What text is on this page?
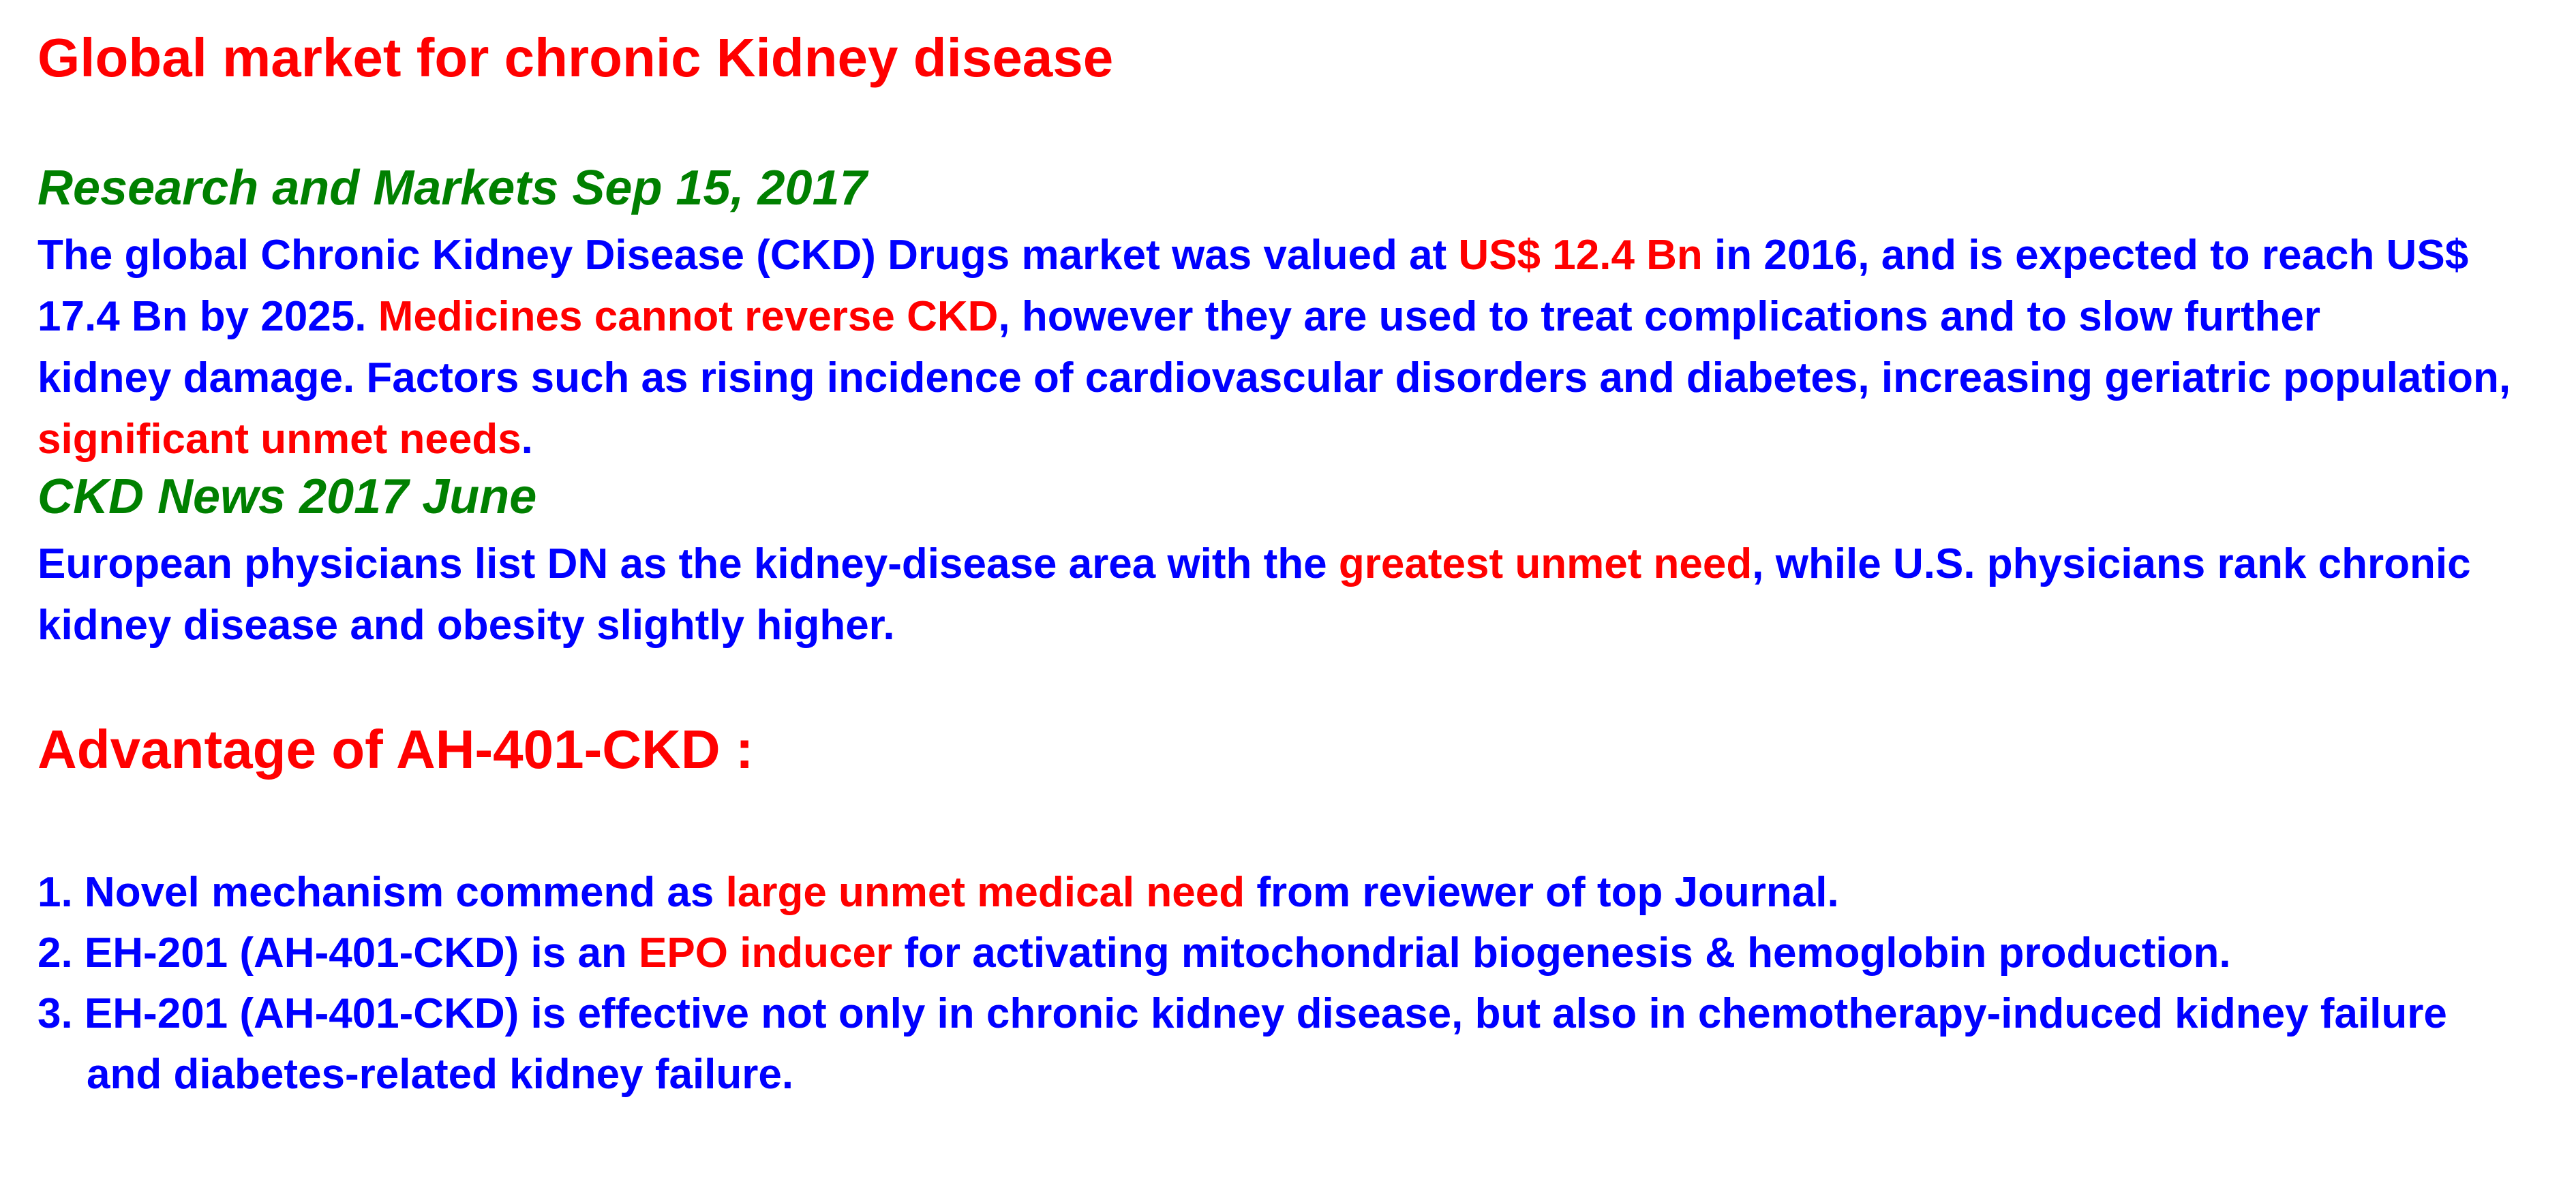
Global market for chronic Kidney disease
Research and Markets Sep 15, 2017
The global Chronic Kidney Disease (CKD) Drugs market was valued at US$ 12.4 Bn in 2016, and is expected to reach US$
17.4 Bn by 2025. Medicines cannot reverse CKD, however they are used to treat complications and to slow further
kidney damage. Factors such as rising incidence of cardiovascular disorders and diabetes, increasing geriatric population,
significant unmet needs.
CKD News 2017 June
European physicians list DN as the kidney-disease area with the greatest unmet need, while U.S. physicians rank chronic
kidney disease and obesity slightly higher.
Advantage of AH-401-CKD :
1. Novel mechanism commend as large unmet medical need from reviewer of top Journal.
2. EH-201 (AH-401-CKD) is an EPO inducer for activating mitochondrial biogenesis & hemoglobin production.
3. EH-201 (AH-401-CKD) is effective not only in chronic kidney disease, but also in chemotherapy-induced kidney failure
and diabetes-related kidney failure.
